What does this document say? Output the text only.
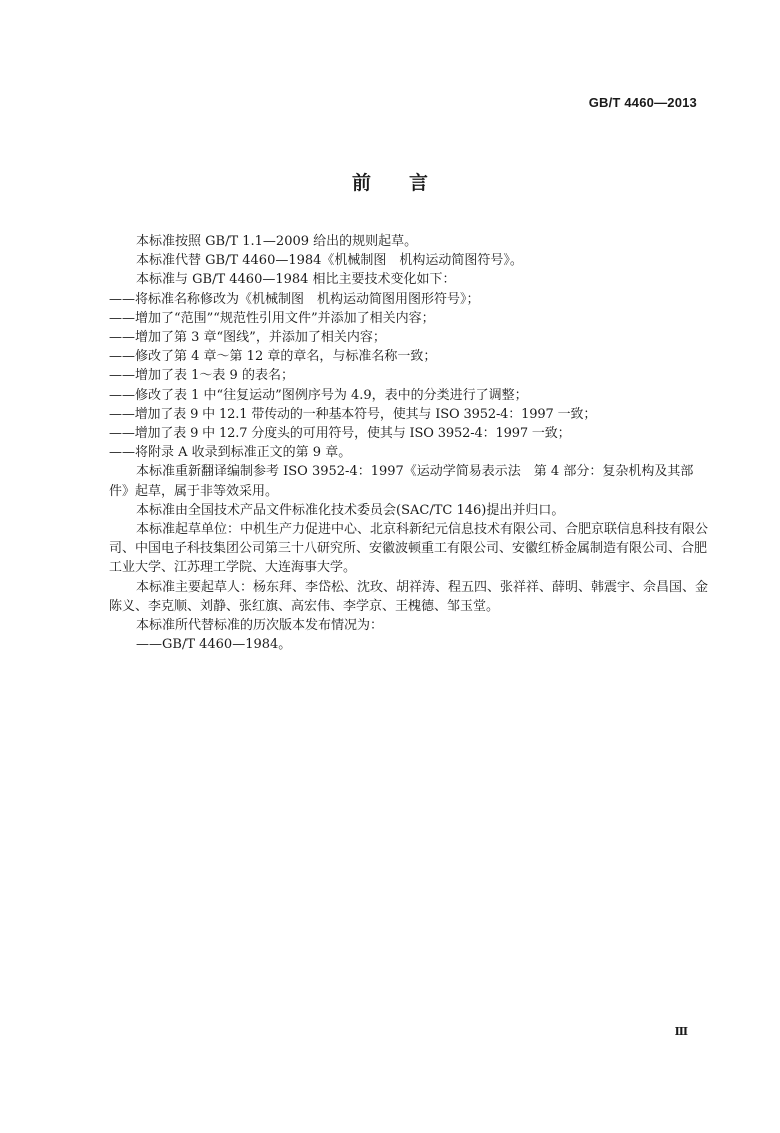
GB/T 4460—2013
前言

本标准按照 GB/T 1.1—2009 给出的规则起草。

本标准代替 GB/T 4460—1984《机械制图　机构运动简图符号》。

本标准与 GB/T 4460—1984 相比主要技术变化如下：

——将标准名称修改为《机械制图　机构运动简图用图形符号》；

——增加了“范围”“规范性引用文件”并添加了相关内容；

——增加了第 3 章“图线”，并添加了相关内容；

——修改了第 4 章～第 12 章的章名，与标准名称一致；

——增加了表 1～表 9 的表名；

——修改了表 1 中“往复运动”图例序号为 4.9，表中的分类进行了调整；

——增加了表 9 中 12.1 带传动的一种基本符号，使其与 ISO 3952-4：1997 一致；

——增加了表 9 中 12.7 分度头的可用符号，使其与 ISO 3952-4：1997 一致；

——将附录 A 收录到标准正文的第 9 章。

本标准重新翻译编制参考 ISO 3952-4：1997《运动学简易表示法　第 4 部分：复杂机构及其部件》起草，属于非等效采用。

本标准由全国技术产品文件标准化技术委员会(SAC/TC 146)提出并归口。

本标准起草单位：中机生产力促进中心、北京科新纪元信息技术有限公司、合肥京联信息科技有限公司、中国电子科技集团公司第三十八研究所、安徽波顿重工有限公司、安徽红桥金属制造有限公司、合肥工业大学、江苏理工学院、大连海事大学。

本标准主要起草人：杨东拜、李岱松、沈玫、胡祥涛、程五四、张祥祥、薛明、韩震宇、佘昌国、金陈义、李克顺、刘静、张红旗、高宏伟、李学京、王槐德、邹玉堂。

本标准所代替标准的历次版本发布情况为：

——GB/T 4460—1984。

Ⅲ
